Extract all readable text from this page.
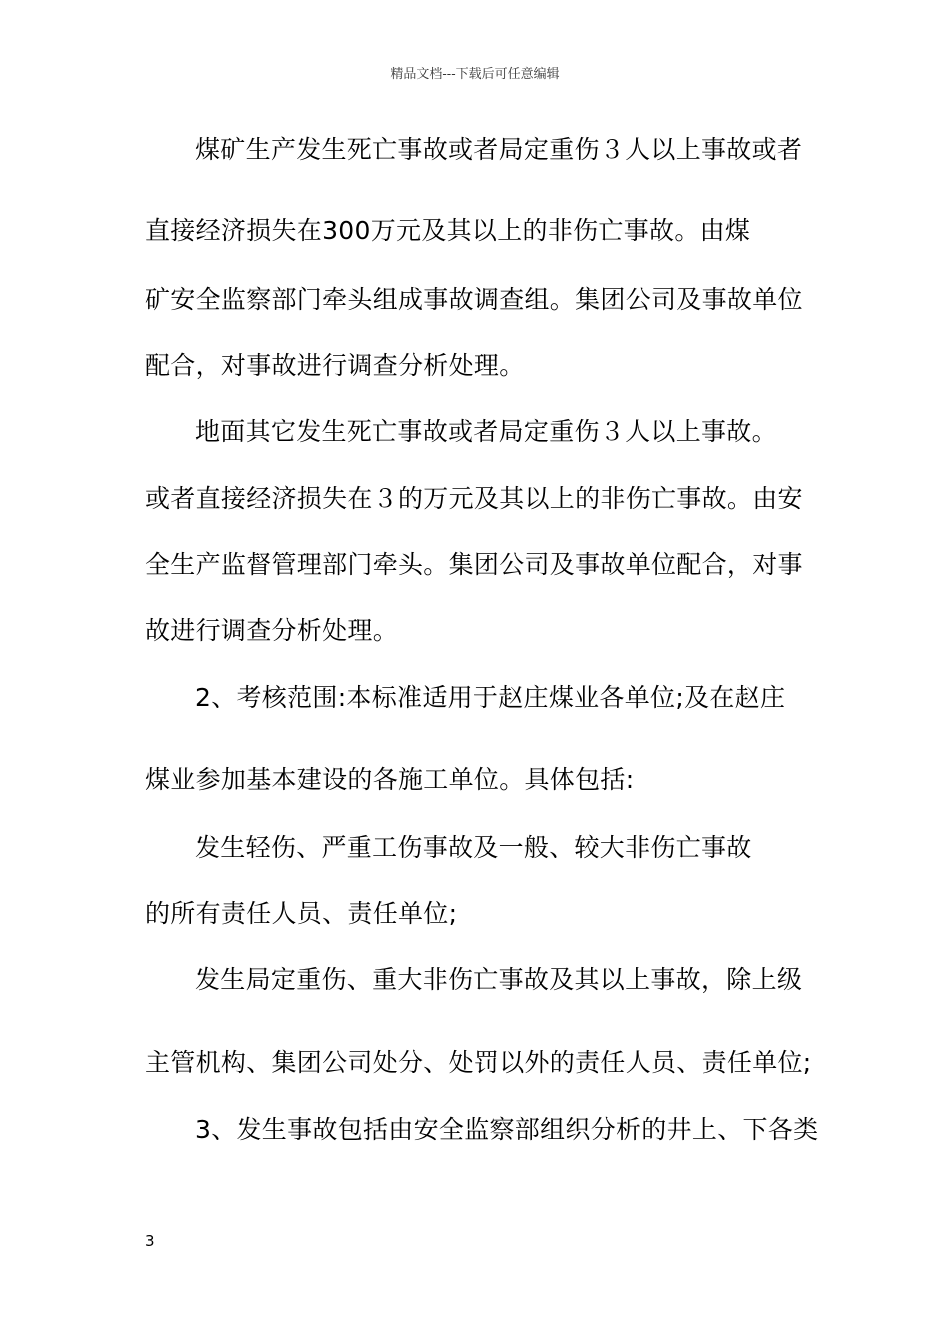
精品文档---下载后可任意编辑
煤矿生产发生死亡事故或者局定重伤３人以上事故或者
直接经济损失在300万元及其以上的非伤亡事故。由煤
矿安全监察部门牵头组成事故调查组。集团公司及事故单位
配合，对事故进行调查分析处理。
地面其它发生死亡事故或者局定重伤３人以上事故。
或者直接经济损失在３的万元及其以上的非伤亡事故。由安
全生产监督管理部门牵头。集团公司及事故单位配合，对事
故进行调查分析处理。
2、考核范围:本标准适用于赵庄煤业各单位;及在赵庄
煤业参加基本建设的各施工单位。具体包括:
发生轻伤、严重工伤事故及一般、较大非伤亡事故
的所有责任人员、责任单位;
发生局定重伤、重大非伤亡事故及其以上事故，除上级
主管机构、集团公司处分、处罚以外的责任人员、责任单位;
3、发生事故包括由安全监察部组织分析的井上、下各类
3
